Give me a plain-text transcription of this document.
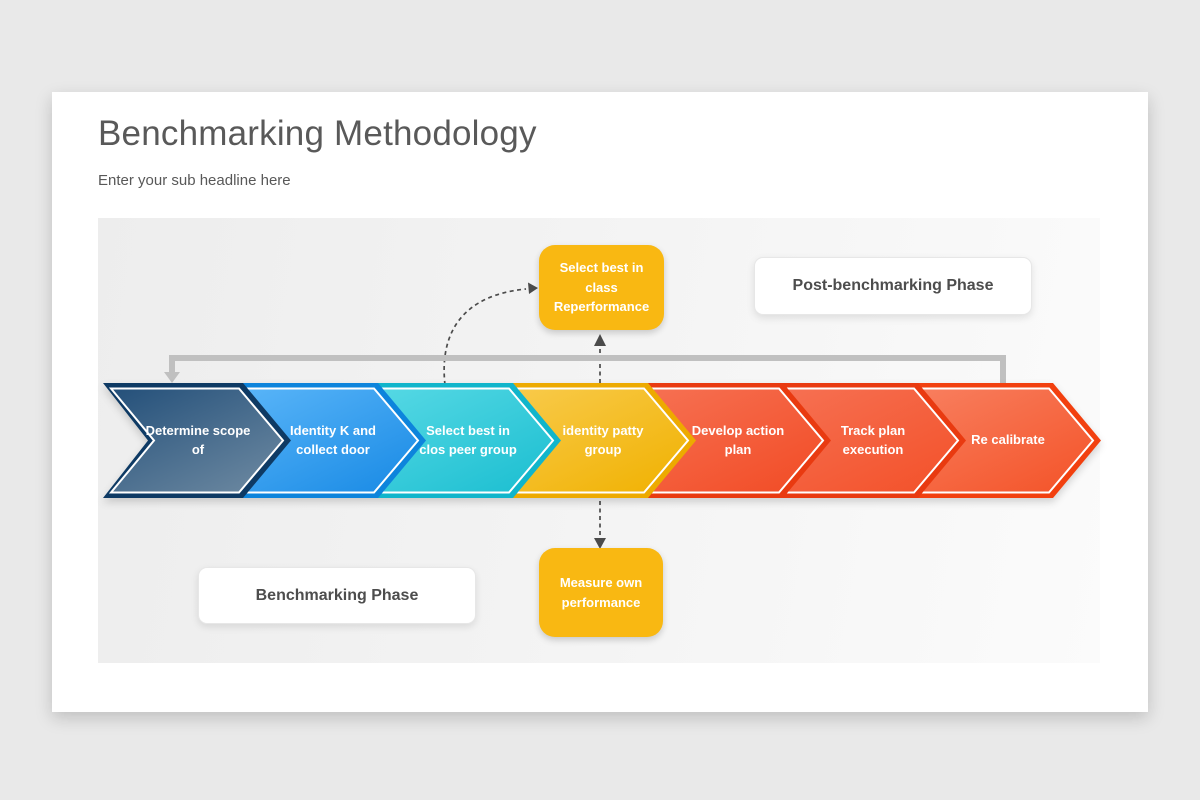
Benchmarking Methodology
Enter your sub headline here
Determine scope of
Identity K and collect door
Select best in clos peer group
identity patty group
Develop action plan
Track plan execution
Re calibrate
Select best in class Reperformance
Measure own performance
Post-benchmarking Phase
Benchmarking Phase
